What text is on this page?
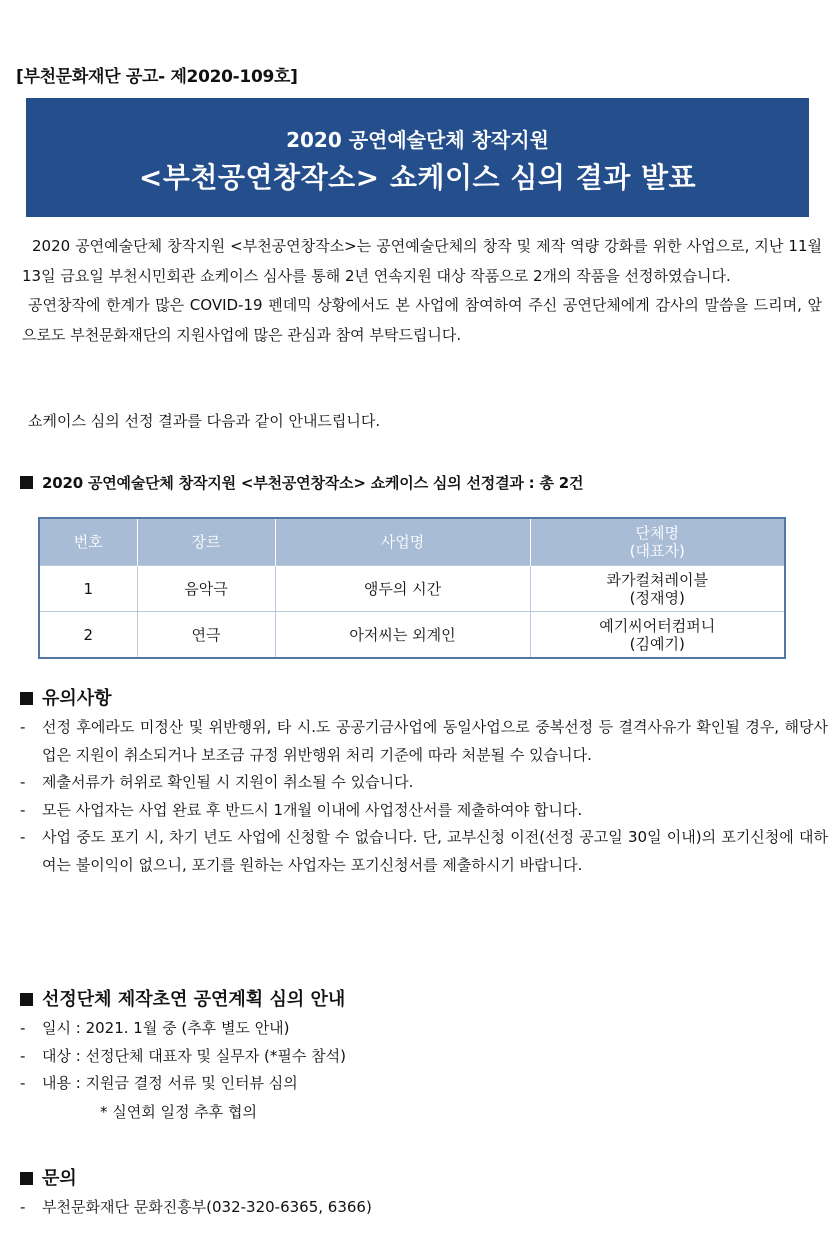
[부천문화재단 공고- 제2020-109호]
2020 공연예술단체 창작지원
<부천공연창작소> 쇼케이스 심의 결과 발표

2020 공연예술단체 창작지원 <부천공연창작소>는 공연예술단체의 창작 및 제작 역량 강화를 위한 사업으로, 지난 11월 13일 금요일 부천시민회관 쇼케이스 심사를 통해 2년 연속지원 대상 작품으로 2개의 작품을 선정하였습니다.

공연창작에 한계가 많은 COVID-19 펜데믹 상황에서도 본 사업에 참여하여 주신 공연단체에게 감사의 말씀을 드리며, 앞으로도 부천문화재단의 지원사업에 많은 관심과 참여 부탁드립니다.

쇼케이스 심의 선정 결과를 다음과 같이 안내드립니다.
2020 공연예술단체 창작지원 <부천공연창작소> 쇼케이스 심의 선정결과 : 총 2건
번호	장르	사업명	단체명
(대표자)
1	음악극	앵두의 시간	콰가컬쳐레이블
(정재영)
2	연극	아저씨는 외계인	예기씨어터컴퍼니
(김예기)
유의사항
- 선정 후에라도 미정산 및 위반행위, 타 시.도 공공기금사업에 동일사업으로 중복선정 등 결격사유가 확인될 경우, 해당사업은 지원이 취소되거나 보조금 규정 위반행위 처리 기준에 따라 처분될 수 있습니다.
- 제출서류가 허위로 확인될 시 지원이 취소될 수 있습니다.
- 모든 사업자는 사업 완료 후 반드시 1개월 이내에 사업정산서를 제출하여야 합니다.
- 사업 중도 포기 시, 차기 년도 사업에 신청할 수 없습니다. 단, 교부신청 이전(선정 공고일 30일 이내)의 포기신청에 대하여는 불이익이 없으니, 포기를 원하는 사업자는 포기신청서를 제출하시기 바랍니다.
선정단체 제작초연 공연계획 심의 안내
- 일시 : 2021. 1월 중 (추후 별도 안내)
- 대상 : 선정단체 대표자 및 실무자 (*필수 참석)
- 내용 : 지원금 결정 서류 및 인터뷰 심의
* 실연회 일정 추후 협의
문의
- 부천문화재단 문화진흥부(032-320-6365, 6366)
